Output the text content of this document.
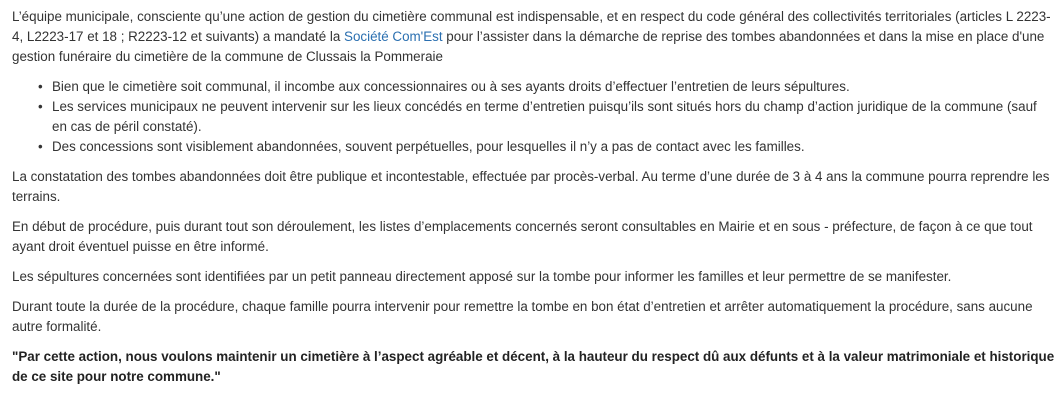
L’équipe municipale, consciente qu’une action de gestion du cimetière communal est indispensable, et en respect du code général des collectivités territoriales (articles L 2223-4, L2223-17 et 18 ; R2223-12 et suivants) a mandaté la Société Com'Est pour l’assister dans la démarche de reprise des tombes abandonnées et dans la mise en place d'une gestion funéraire du cimetière de la commune de Clussais la Pommeraie

• Bien que le cimetière soit communal, il incombe aux concessionnaires ou à ses ayants droits d’effectuer l’entretien de leurs sépultures.
• Les services municipaux ne peuvent intervenir sur les lieux concédés en terme d’entretien puisqu’ils sont situés hors du champ d’action juridique de la commune (sauf en cas de péril constaté).
• Des concessions sont visiblement abandonnées, souvent perpétuelles, pour lesquelles il n’y a pas de contact avec les familles.

La constatation des tombes abandonnées doit être publique et incontestable, effectuée par procès-verbal. Au terme d’une durée de 3 à 4 ans la commune pourra reprendre les terrains.

En début de procédure, puis durant tout son déroulement, les listes d’emplacements concernés seront consultables en Mairie et en sous - préfecture, de façon à ce que tout ayant droit éventuel puisse en être informé.

Les sépultures concernées sont identifiées par un petit panneau directement apposé sur la tombe pour informer les familles et leur permettre de se manifester.

Durant toute la durée de la procédure, chaque famille pourra intervenir pour remettre la tombe en bon état d’entretien et arrêter automatiquement la procédure, sans aucune autre formalité.

"Par cette action, nous voulons maintenir un cimetière à l’aspect agréable et décent, à la hauteur du respect dû aux défunts et à la valeur matrimoniale et historique de ce site pour notre commune."
